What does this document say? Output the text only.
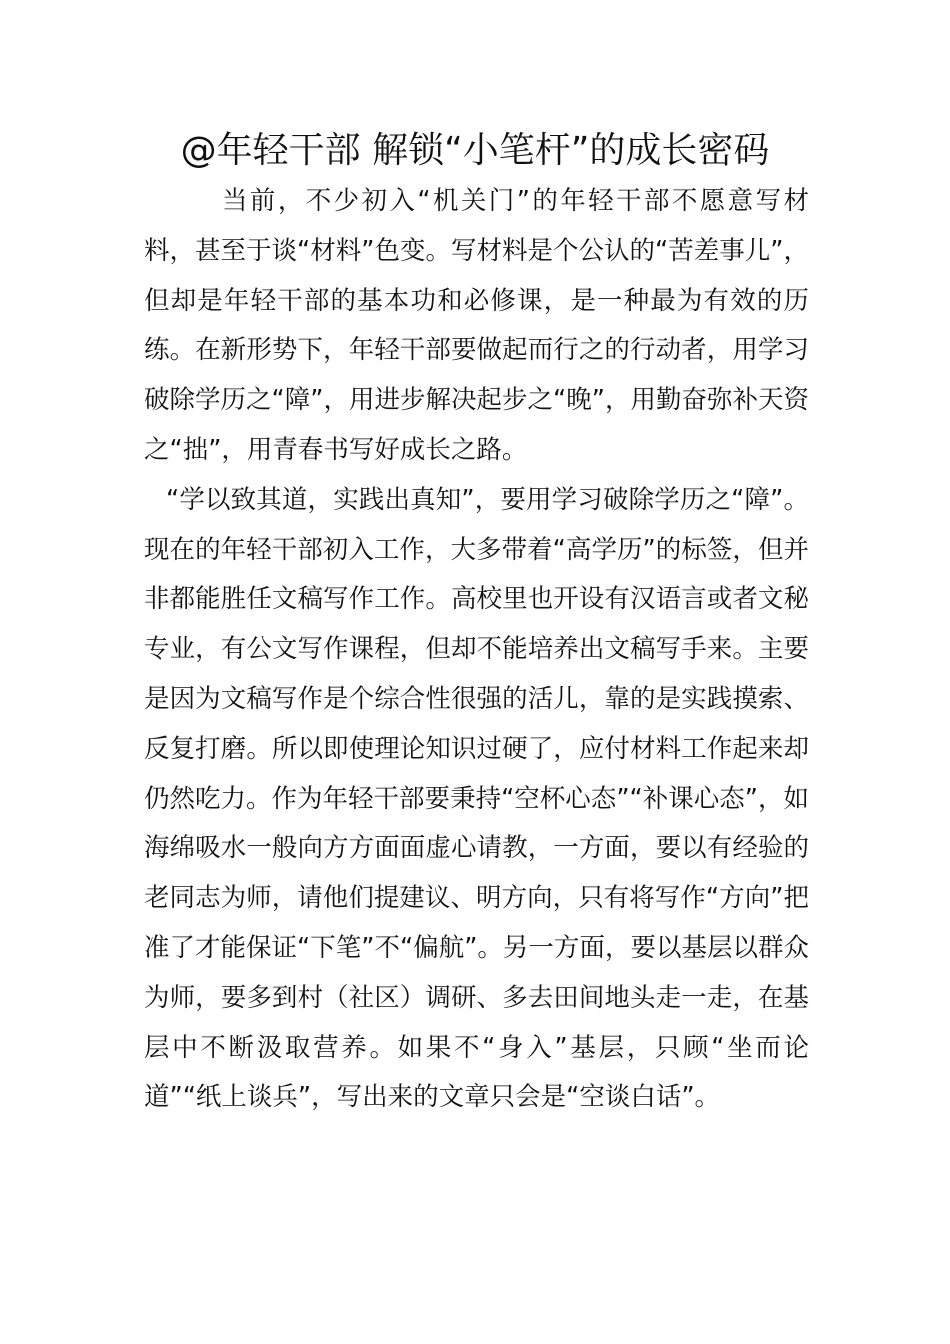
@年轻干部 解锁“小笔杆”的成长密码

当前，不少初入“机关门”的年轻干部不愿意写材料，甚至于谈“材料”色变。写材料是个公认的“苦差事儿”，但却是年轻干部的基本功和必修课，是一种最为有效的历练。在新形势下，年轻干部要做起而行之的行动者，用学习破除学历之“障”，用进步解决起步之“晚”，用勤奋弥补天资之“拙”，用青春书写好成长之路。

“学以致其道，实践出真知”，要用学习破除学历之“障”。现在的年轻干部初入工作，大多带着“高学历”的标签，但并非都能胜任文稿写作工作。高校里也开设有汉语言或者文秘专业，有公文写作课程，但却不能培养出文稿写手来。主要是因为文稿写作是个综合性很强的活儿，靠的是实践摸索、反复打磨。所以即使理论知识过硬了，应付材料工作起来却仍然吃力。作为年轻干部要秉持“空杯心态”“补课心态”，如海绵吸水一般向方方面面虚心请教，一方面，要以有经验的老同志为师，请他们提建议、明方向，只有将写作“方向”把准了才能保证“下笔”不“偏航”。另一方面，要以基层以群众为师，要多到村（社区）调研、多去田间地头走一走，在基层中不断汲取营养。如果不“身入”基层，只顾“坐而论道”“纸上谈兵”，写出来的文章只会是“空谈白话”。
